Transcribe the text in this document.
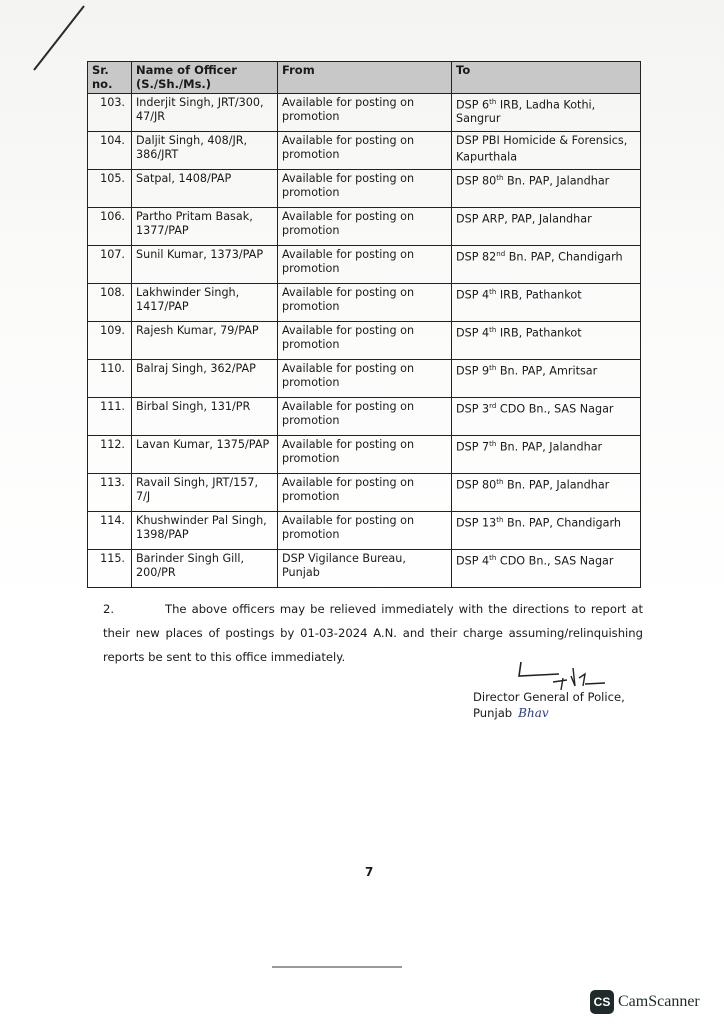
Sr. no.	Name of Officer (S./Sh./Ms.)	From	To
103.	Inderjit Singh, JRT/300, 47/JR	Available for posting on promotion	DSP 6th IRB, Ladha Kothi, Sangrur
104.	Daljit Singh, 408/JR, 386/JRT	Available for posting on promotion	DSP PBI Homicide & Forensics, Kapurthala
105.	Satpal, 1408/PAP	Available for posting on promotion	DSP 80th Bn. PAP, Jalandhar
106.	Partho Pritam Basak, 1377/PAP	Available for posting on promotion	DSP ARP, PAP, Jalandhar
107.	Sunil Kumar, 1373/PAP	Available for posting on promotion	DSP 82nd Bn. PAP, Chandigarh
108.	Lakhwinder Singh, 1417/PAP	Available for posting on promotion	DSP 4th IRB, Pathankot
109.	Rajesh Kumar, 79/PAP	Available for posting on promotion	DSP 4th IRB, Pathankot
110.	Balraj Singh, 362/PAP	Available for posting on promotion	DSP 9th Bn. PAP, Amritsar
111.	Birbal Singh, 131/PR	Available for posting on promotion	DSP 3rd CDO Bn., SAS Nagar
112.	Lavan Kumar, 1375/PAP	Available for posting on promotion	DSP 7th Bn. PAP, Jalandhar
113.	Ravail Singh, JRT/157, 7/J	Available for posting on promotion	DSP 80th Bn. PAP, Jalandhar
114.	Khushwinder Pal Singh, 1398/PAP	Available for posting on promotion	DSP 13th Bn. PAP, Chandigarh
115.	Barinder Singh Gill, 200/PR	DSP Vigilance Bureau, Punjab	DSP 4th CDO Bn., SAS Nagar
2.	The above officers may be relieved immediately with the directions to report at their new places of postings by 01-03-2024 A.N. and their charge assuming/relinquishing reports be sent to this office immediately.
Director General of Police,
Punjab Bhav
7
CS CamScanner
